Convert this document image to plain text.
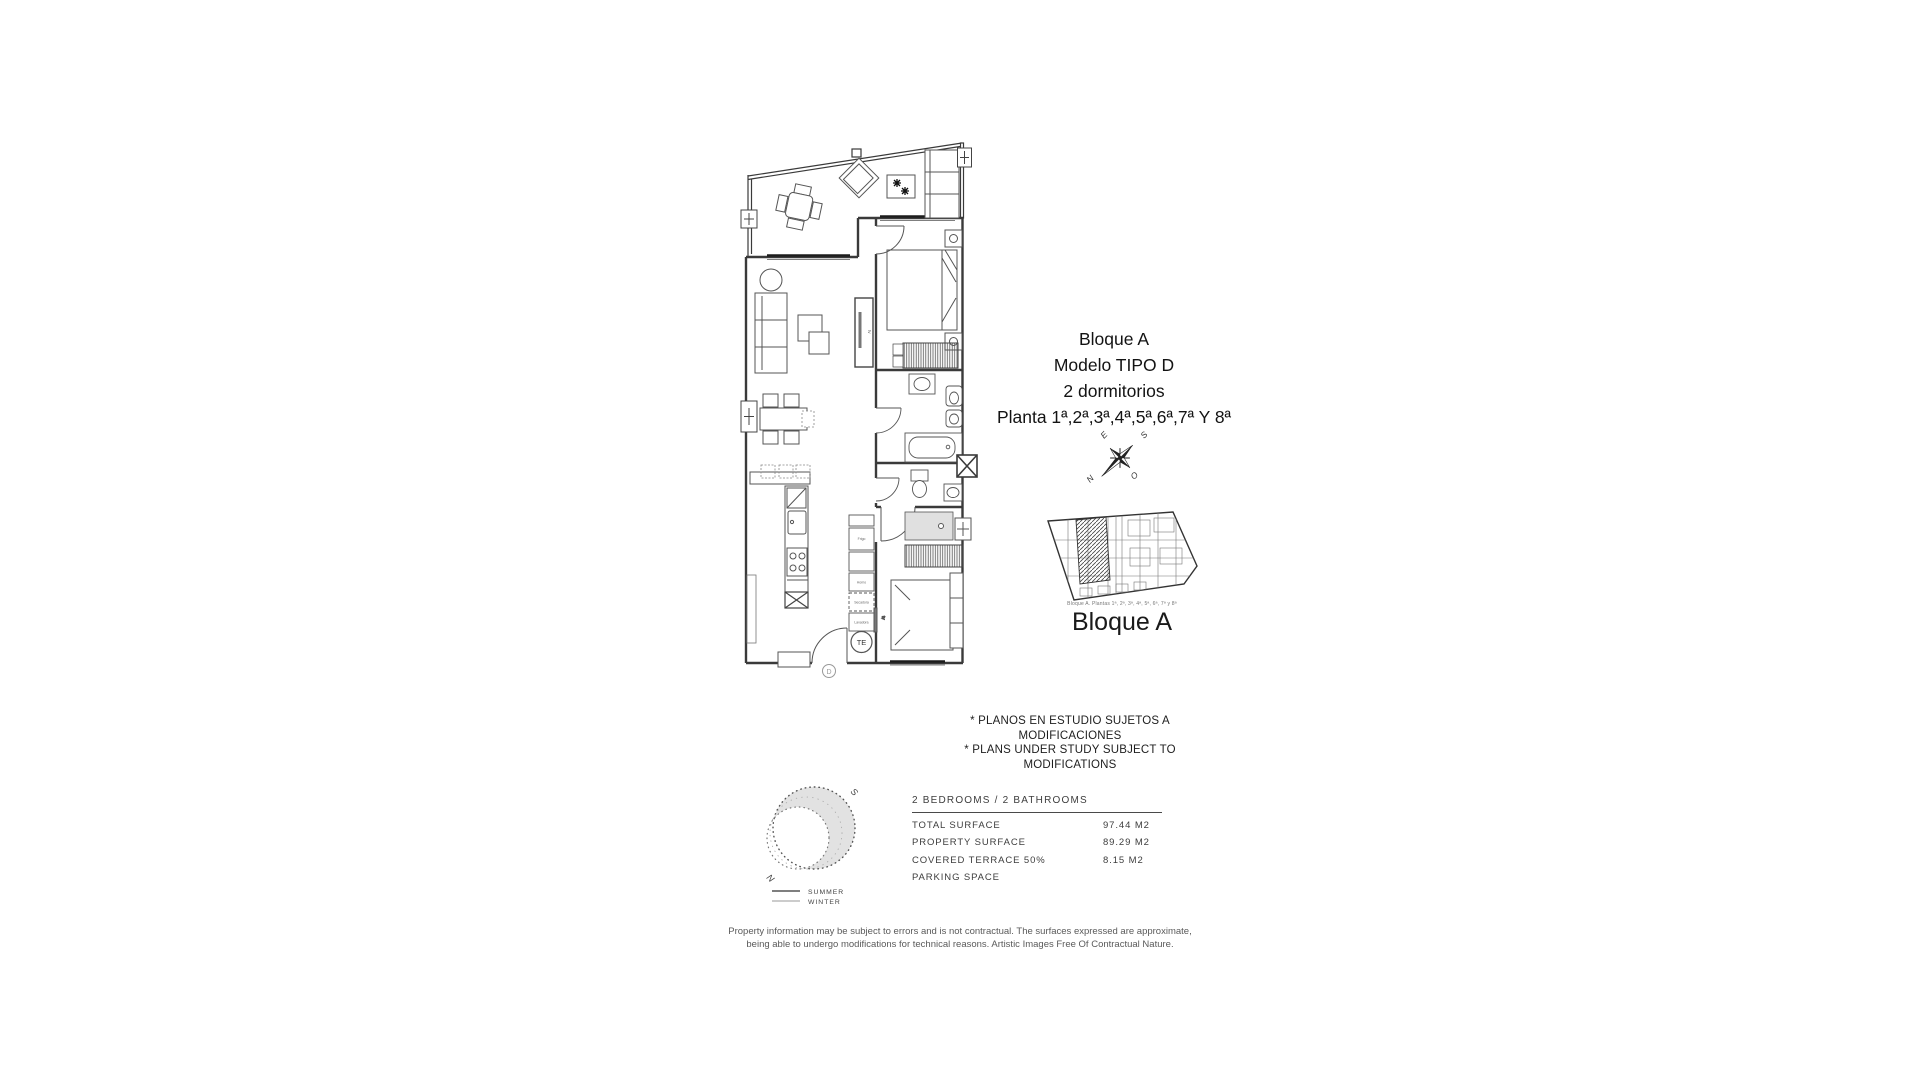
tv
D
Frigo
Horno
Secadora
Lavadora
TE
tv
Bloque A
Modelo TIPO D
2 dormitorios
Planta 1ª,2ª,3ª,4ª,5ª,6ª,7ª Y 8ª
N
S
E
O
Bloque A. Plantas 1ª, 2ª, 3ª, 4ª, 5ª, 6ª, 7ª y 8ª
Bloque A
* PLANOS EN ESTUDIO SUJETOS A MODIFICACIONES
* PLANS UNDER STUDY SUBJECT TO MODIFICATIONS
S
N
SUMMER
WINTER
2 BEDROOMS / 2 BATHROOMS
TOTAL SURFACE	97.44 M2
PROPERTY SURFACE	89.29 M2
COVERED TERRACE 50%	8.15 M2
PARKING SPACE
Property information may be subject to errors and is not contractual. The surfaces expressed are approximate,
being able to undergo modifications for technical reasons. Artistic Images Free Of Contractual Nature.
